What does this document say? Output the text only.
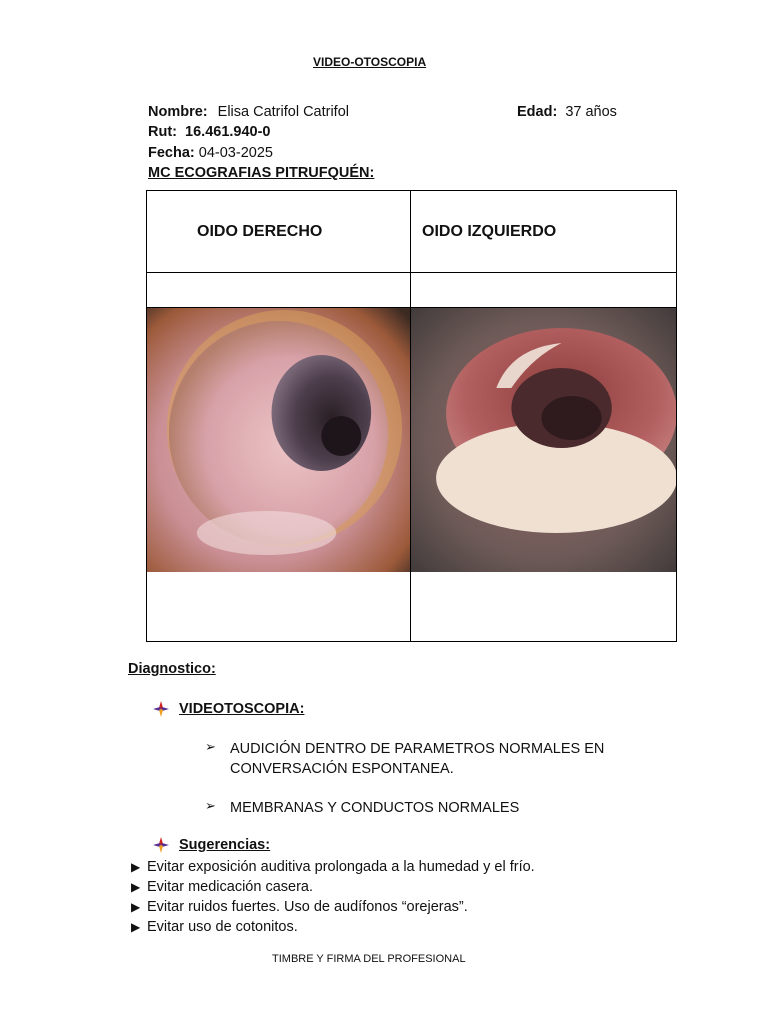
VIDEO-OTOSCOPIA
Nombre: Elisa Catrifol Catrifol	Edad: 37 años
Rut: 16.461.940-0
Fecha: 04-03-2025
MC ECOGRAFIAS PITRUFQUÉN:
OIDO DERECHO	OIDO IZQUIERDO

Diagnostico:
VIDEOTOSCOPIA:
➢ AUDICIÓN DENTRO DE PARAMETROS NORMALES EN CONVERSACIÓN ESPONTANEA.
➢ MEMBRANAS Y CONDUCTOS NORMALES
Sugerencias:
▶ Evitar exposición auditiva prolongada a la humedad y el frío.
▶ Evitar medicación casera.
▶ Evitar ruidos fuertes. Uso de audífonos “orejeras”.
▶ Evitar uso de cotonitos.
TIMBRE Y FIRMA DEL PROFESIONAL
